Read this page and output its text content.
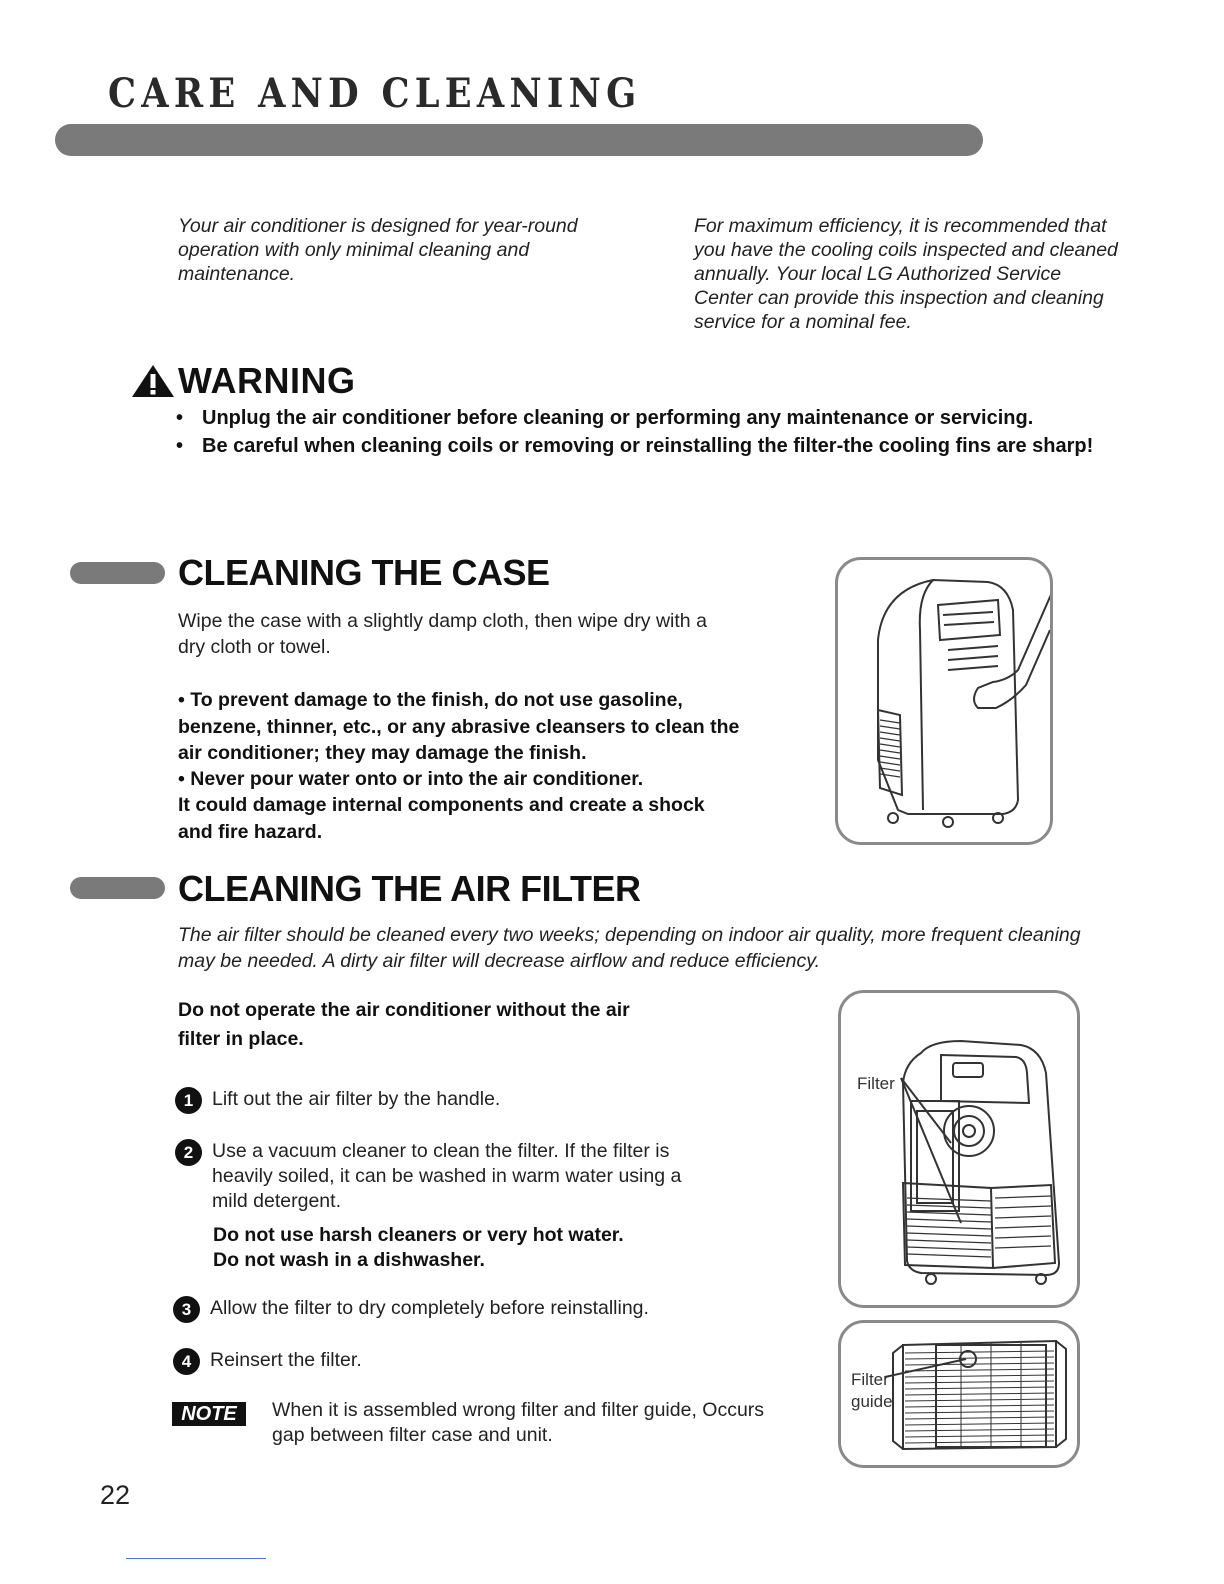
CARE AND CLEANING

Your air conditioner is designed for year-round operation with only minimal cleaning and maintenance.

For maximum efficiency, it is recommended that you have the cooling coils inspected and cleaned annually. Your local LG Authorized Service Center can provide this inspection and cleaning service for a nominal fee.

WARNING
• Unplug the air conditioner before cleaning or performing any maintenance or servicing.
• Be careful when cleaning coils or removing or reinstalling the filter-the cooling fins are sharp!
CLEANING THE CASE

Wipe the case with a slightly damp cloth, then wipe dry with a dry cloth or towel.

• To prevent damage to the finish, do not use gasoline, benzene, thinner, etc., or any abrasive cleansers to clean the air conditioner; they may damage the finish.

• Never pour water onto or into the air conditioner.

It could damage internal components and create a shock and fire hazard.

CLEANING THE AIR FILTER

The air filter should be cleaned every two weeks; depending on indoor air quality, more frequent cleaning may be needed. A dirty air filter will decrease airflow and reduce efficiency.

Do not operate the air conditioner without the air filter in place.

1 Lift out the air filter by the handle.
2 Use a vacuum cleaner to clean the filter. If the filter is heavily soiled, it can be washed in warm water using a mild detergent.

Do not use harsh cleaners or very hot water.

Do not wash in a dishwasher.

3 Allow the filter to dry completely before reinstalling.
4 Reinsert the filter.
NOTE	When it is assembled wrong filter and filter guide, Occurs gap between filter case and unit.

Filter
Filter
guide

22
